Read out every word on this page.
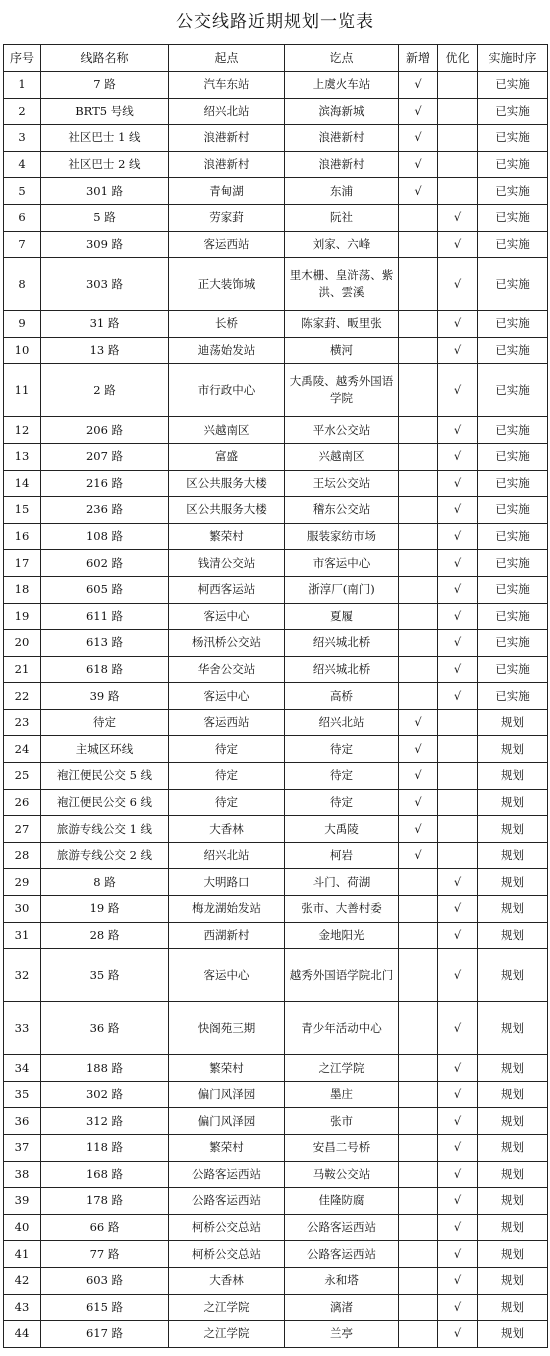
公交线路近期规划一览表
序号	线路名称	起点	讫点	新增	优化	实施时序
1	7 路	汽车东站	上虞火车站	√		已实施
2	BRT5 号线	绍兴北站	滨海新城	√		已实施
3	社区巴士 1 线	浪港新村	浪港新村	√		已实施
4	社区巴士 2 线	浪港新村	浪港新村	√		已实施
5	301 路	青甸湖	东浦	√		已实施
6	5 路	劳家葑	阮社		√	已实施
7	309 路	客运西站	刘家、六峰		√	已实施
8	303 路	正大装饰城	里木栅、皇浒荡、紫洪、雲溪		√	已实施
9	31 路	长桥	陈家葑、畈里张		√	已实施
10	13 路	迪荡始发站	横河		√	已实施
11	2 路	市行政中心	大禹陵、越秀外国语学院		√	已实施
12	206 路	兴越南区	平水公交站		√	已实施
13	207 路	富盛	兴越南区		√	已实施
14	216 路	区公共服务大楼	王坛公交站		√	已实施
15	236 路	区公共服务大楼	稽东公交站		√	已实施
16	108 路	繁荣村	服装家纺市场		√	已实施
17	602 路	钱清公交站	市客运中心		√	已实施
18	605 路	柯西客运站	浙淳厂(南门)		√	已实施
19	611 路	客运中心	夏履		√	已实施
20	613 路	杨汛桥公交站	绍兴城北桥		√	已实施
21	618 路	华舍公交站	绍兴城北桥		√	已实施
22	39 路	客运中心	高桥		√	已实施
23	待定	客运西站	绍兴北站	√		规划
24	主城区环线	待定	待定	√		规划
25	袍江便民公交 5 线	待定	待定	√		规划
26	袍江便民公交 6 线	待定	待定	√		规划
27	旅游专线公交 1 线	大香林	大禹陵	√		规划
28	旅游专线公交 2 线	绍兴北站	柯岩	√		规划
29	8 路	大明路口	斗门、荷湖		√	规划
30	19 路	梅龙湖始发站	张市、大善村委		√	规划
31	28 路	西湖新村	金地阳光		√	规划
32	35 路	客运中心	越秀外国语学院北门		√	规划
33	36 路	快阁苑三期	青少年活动中心		√	规划
34	188 路	繁荣村	之江学院		√	规划
35	302 路	偏门风泽园	墨庄		√	规划
36	312 路	偏门风泽园	张市		√	规划
37	118 路	繁荣村	安昌二号桥		√	规划
38	168 路	公路客运西站	马鞍公交站		√	规划
39	178 路	公路客运西站	佳隆防腐		√	规划
40	66 路	柯桥公交总站	公路客运西站		√	规划
41	77 路	柯桥公交总站	公路客运西站		√	规划
42	603 路	大香林	永和塔		√	规划
43	615 路	之江学院	漓渚		√	规划
44	617 路	之江学院	兰亭		√	规划
